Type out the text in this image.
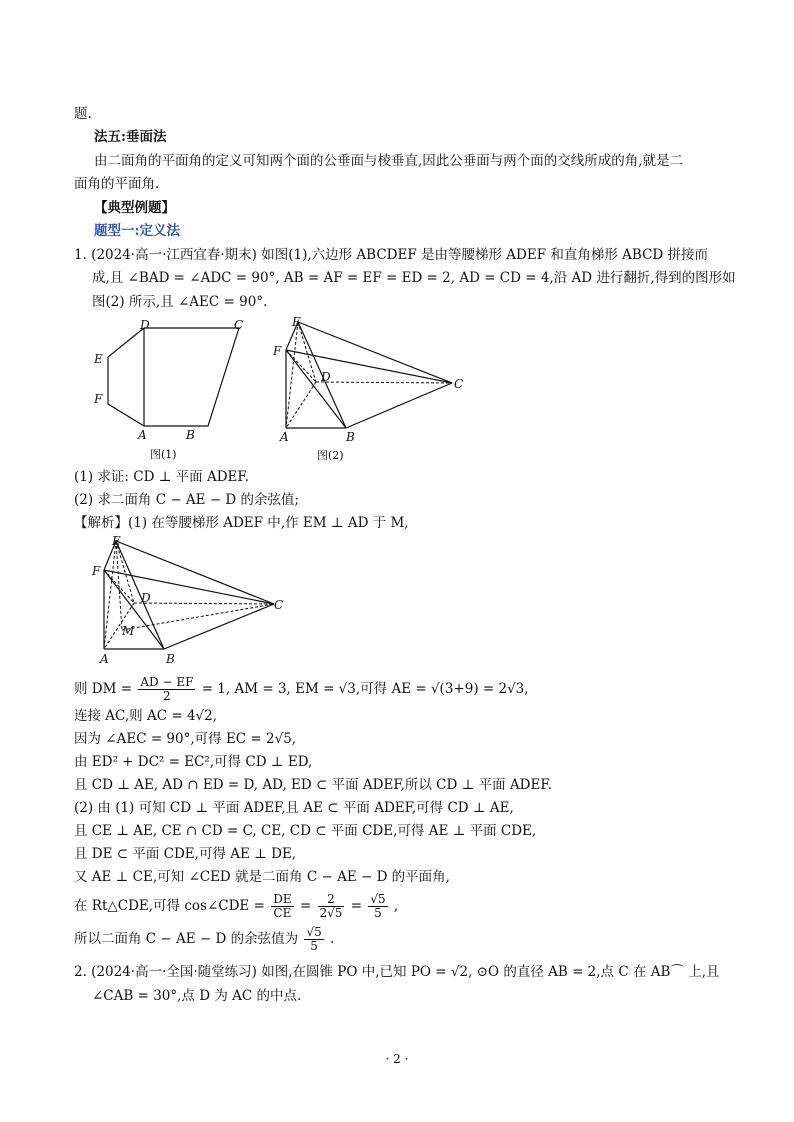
题.
法五:垂面法
由二面角的平面角的定义可知两个面的公垂面与棱垂直,因此公垂面与两个面的交线所成的角,就是二
面角的平面角.
【典型例题】
题型一:定义法
1. (2024·高一·江西宜春·期末) 如图(1),六边形 ABCDEF 是由等腰梯形 ADEF 和直角梯形 ABCD 拼接而
成,且 ∠BAD = ∠ADC = 90°, AB = AF = EF = ED = 2, AD = CD = 4,沿 AD 进行翻折,得到的图形如
图(2) 所示,且 ∠AEC = 90°.
D	C
E
F
A	B
图(1)
E
F
D	C
A	B
图(2)
(1) 求证: CD ⊥ 平面 ADEF.
(2) 求二面角 C − AE − D 的余弦值;
【解析】(1) 在等腰梯形 ADEF 中,作 EM ⊥ AD 于 M,
E
F
D	C
M
A	B
则 DM = $\frac{AD - EF}{2} = 1$, AM = 3, EM = √3,可得 AE = √(3+9) = 2√3,
连接 AC,则 AC = 4√2,
因为 ∠AEC = 90°,可得 EC = 2√5,
由 ED² + DC² = EC²,可得 CD ⊥ ED,
且 CD ⊥ AE, AD ∩ ED = D, AD, ED ⊂ 平面 ADEF,所以 CD ⊥ 平面 ADEF.
(2) 由 (1) 可知 CD ⊥ 平面 ADEF,且 AE ⊂ 平面 ADEF,可得 CD ⊥ AE,
且 CE ⊥ AE, CE ∩ CD = C, CE, CD ⊂ 平面 CDE,可得 AE ⊥ 平面 CDE,
且 DE ⊂ 平面 CDE,可得 AE ⊥ DE,
又 AE ⊥ CE,可知 ∠CED 就是二面角 C − AE − D 的平面角,
在 Rt△CDE,可得 cos∠CDE = $\frac{DE}{CE} = \frac{2}{2√5} = \frac{√5}{5}$ ,
所以二面角 C − AE − D 的余弦值为 $\frac{√5}{5}$ .
2. (2024·高一·全国·随堂练习) 如图,在圆锥 PO 中,已知 PO = √2, ⊙O 的直径 AB = 2,点 C 在 AB⌒ 上,且
∠CAB = 30°,点 D 为 AC 的中点.
· 2 ·
